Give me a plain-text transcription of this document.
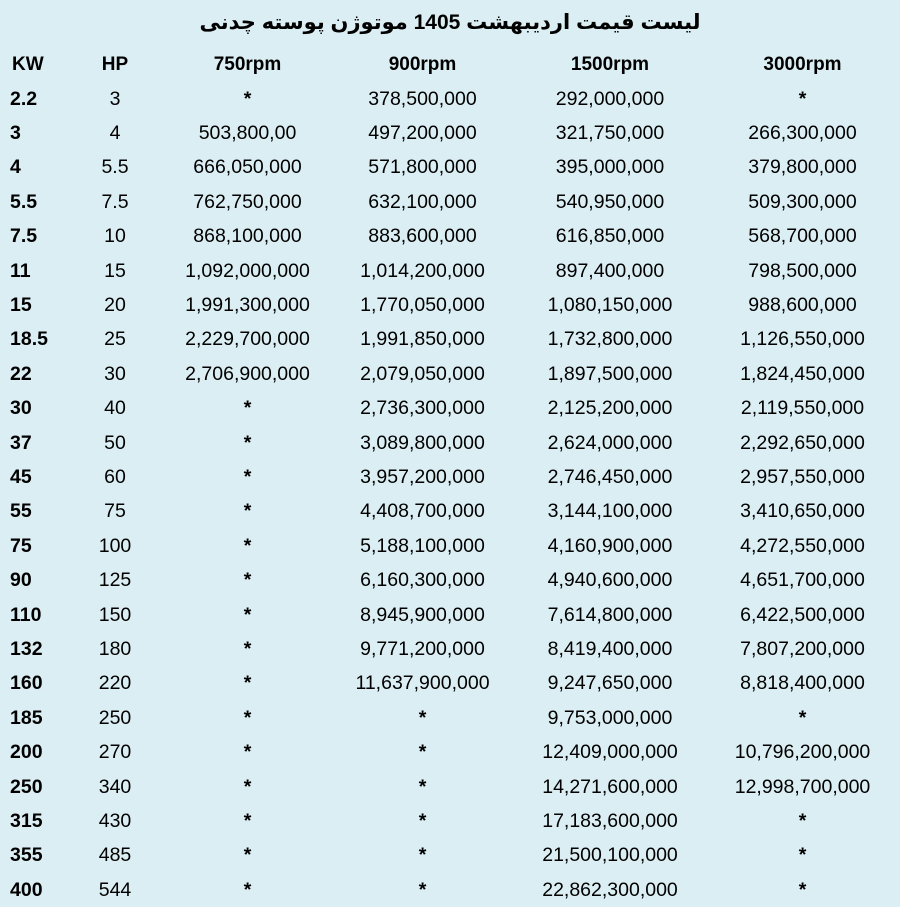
لیست قیمت اردیبهشت 1405 موتوژن پوسته چدنی
KW	HP	750rpm	900rpm	1500rpm	3000rpm
2.2	3	*	378,500,000	292,000,000	*
3	4	503,800,00	497,200,000	321,750,000	266,300,000
4	5.5	666,050,000	571,800,000	395,000,000	379,800,000
5.5	7.5	762,750,000	632,100,000	540,950,000	509,300,000
7.5	10	868,100,000	883,600,000	616,850,000	568,700,000
11	15	1,092,000,000	1,014,200,000	897,400,000	798,500,000
15	20	1,991,300,000	1,770,050,000	1,080,150,000	988,600,000
18.5	25	2,229,700,000	1,991,850,000	1,732,800,000	1,126,550,000
22	30	2,706,900,000	2,079,050,000	1,897,500,000	1,824,450,000
30	40	*	2,736,300,000	2,125,200,000	2,119,550,000
37	50	*	3,089,800,000	2,624,000,000	2,292,650,000
45	60	*	3,957,200,000	2,746,450,000	2,957,550,000
55	75	*	4,408,700,000	3,144,100,000	3,410,650,000
75	100	*	5,188,100,000	4,160,900,000	4,272,550,000
90	125	*	6,160,300,000	4,940,600,000	4,651,700,000
110	150	*	8,945,900,000	7,614,800,000	6,422,500,000
132	180	*	9,771,200,000	8,419,400,000	7,807,200,000
160	220	*	11,637,900,000	9,247,650,000	8,818,400,000
185	250	*	*	9,753,000,000	*
200	270	*	*	12,409,000,000	10,796,200,000
250	340	*	*	14,271,600,000	12,998,700,000
315	430	*	*	17,183,600,000	*
355	485	*	*	21,500,100,000	*
400	544	*	*	22,862,300,000	*
